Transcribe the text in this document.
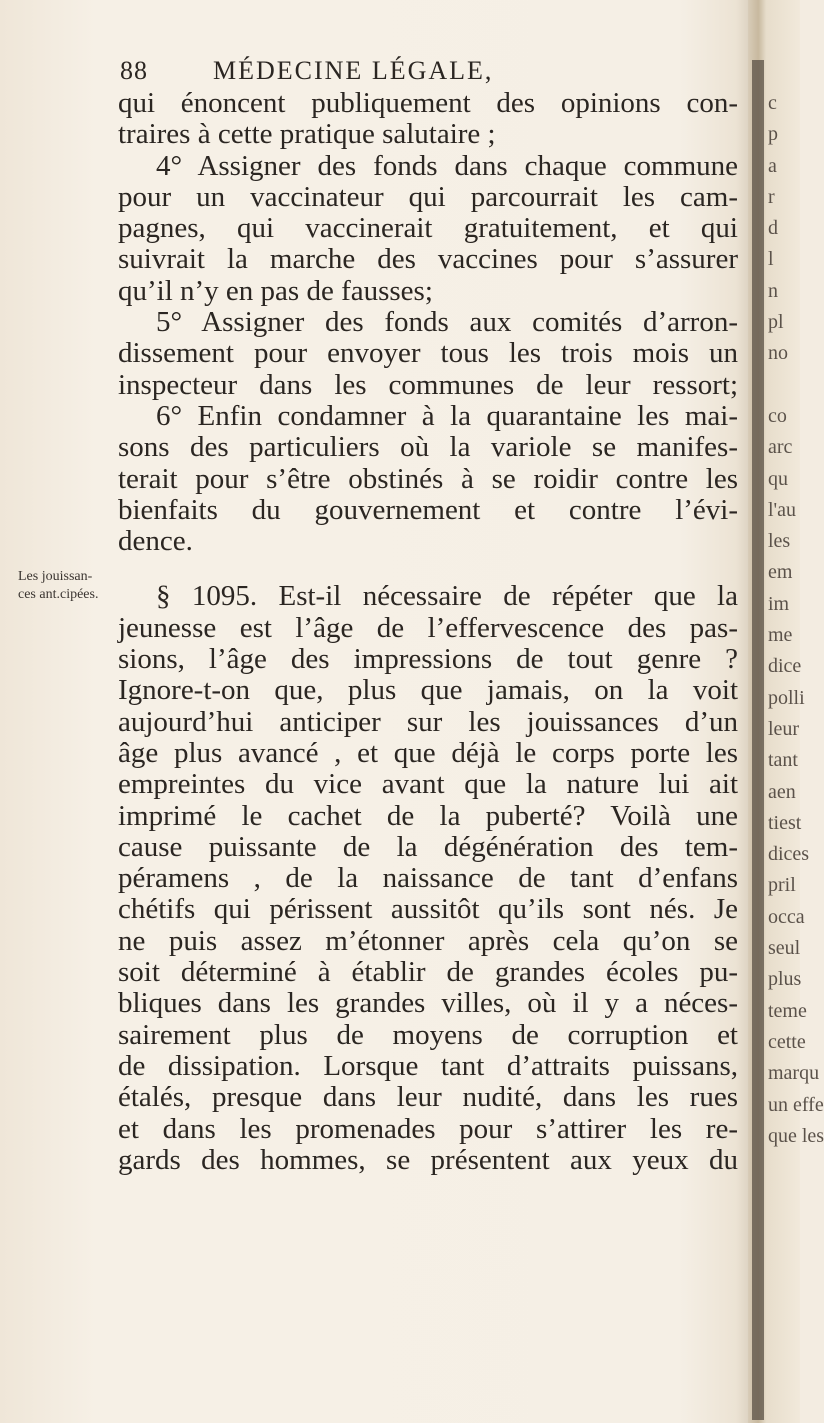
88	MÉDECINE LÉGALE,
Les jouissan-
ces ant.cipées.
qui énoncent publiquement des opinions con-
traires à cette pratique salutaire ;
4° Assigner des fonds dans chaque commune
pour un vaccinateur qui parcourrait les cam-
pagnes, qui vaccinerait gratuitement, et qui
suivrait la marche des vaccines pour s’assurer
qu’il n’y en pas de fausses;
5° Assigner des fonds aux comités d’arron-
dissement pour envoyer tous les trois mois un
inspecteur dans les communes de leur ressort;
6° Enfin condamner à la quarantaine les mai-
sons des particuliers où la variole se manifes-
terait pour s’être obstinés à se roidir contre les
bienfaits du gouvernement et contre l’évi-
dence.
§ 1095. Est-il nécessaire de répéter que la
jeunesse est l’âge de l’effervescence des pas-
sions, l’âge des impressions de tout genre ?
Ignore-t-on que, plus que jamais, on la voit
aujourd’hui anticiper sur les jouissances d’un
âge plus avancé , et que déjà le corps porte les
empreintes du vice avant que la nature lui ait
imprimé le cachet de la puberté? Voilà une
cause puissante de la dégénération des tem-
péramens , de la naissance de tant d’enfans
chétifs qui périssent aussitôt qu’ils sont nés. Je
ne puis assez m’étonner après cela qu’on se
soit déterminé à établir de grandes écoles pu-
bliques dans les grandes villes, où il y a néces-
sairement plus de moyens de corruption et
de dissipation. Lorsque tant d’attraits puissans,
étalés, presque dans leur nudité, dans les rues
et dans les promenades pour s’attirer les re-
gards des hommes, se présentent aux yeux du
c
p
a
r
d
l
n
pl
no

co
arc
qu
l'au
les
em
im
me
dice
polli
leur
tant
aen
tiest
dices
pril
occa
seul
plus
teme
cette
marqu
un effe
que les
